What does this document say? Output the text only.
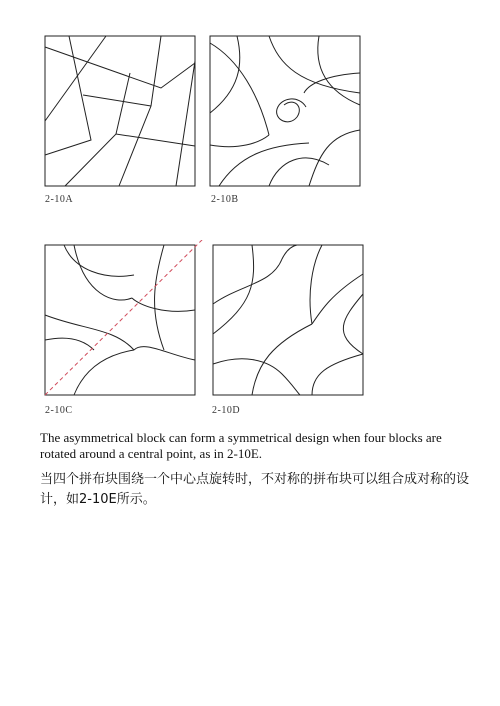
2-10A	2-10B
2-10C	2-10D
The asymmetrical block can form a symmetrical design when four blocks are rotated around a central point, as in 2-10E.
当四个拼布块围绕一个中心点旋转时，不对称的拼布块可以组合成对称的设计，如2-10E所示。
